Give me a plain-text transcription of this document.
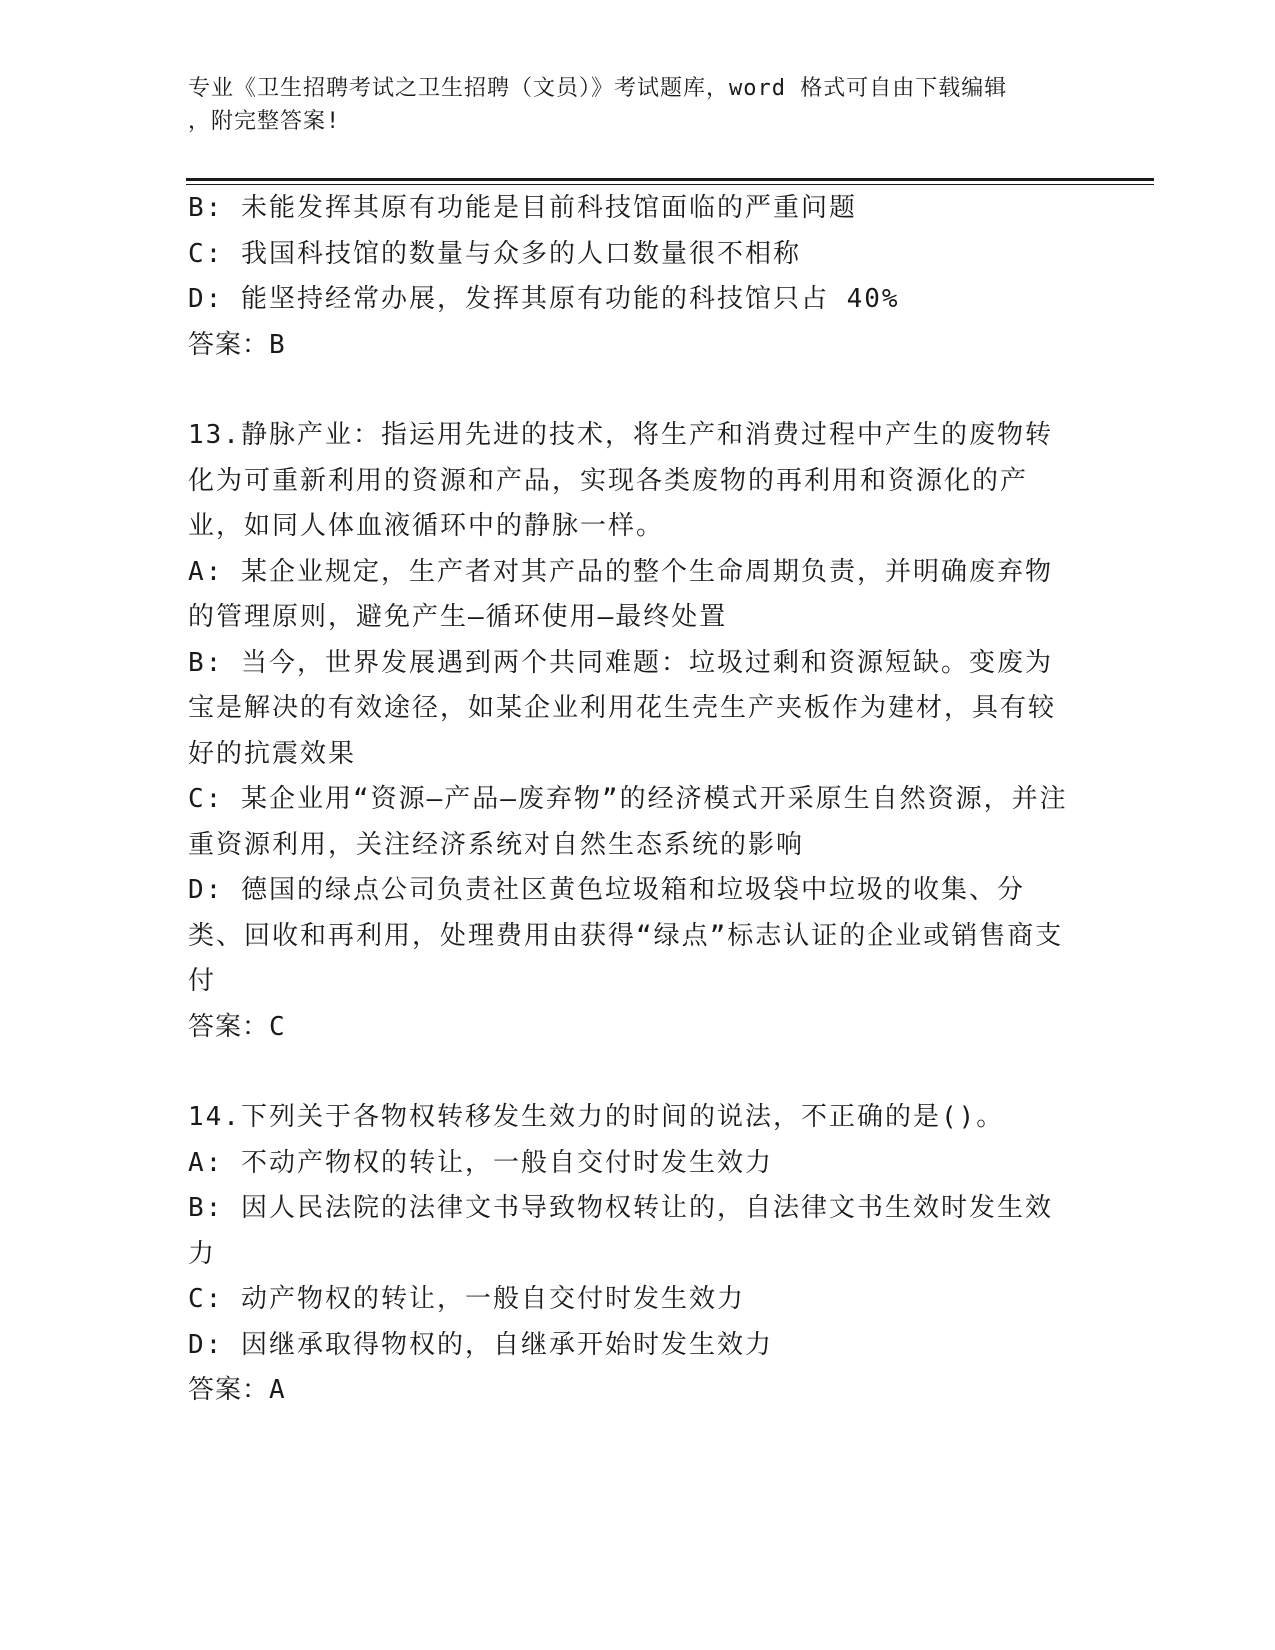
专业《卫生招聘考试之卫生招聘（文员）》考试题库，word 格式可自由下载编辑
，附完整答案!

B: 未能发挥其原有功能是目前科技馆面临的严重问题

C: 我国科技馆的数量与众多的人口数量很不相称

D: 能坚持经常办展，发挥其原有功能的科技馆只占 40%

答案：B

13.静脉产业：指运用先进的技术，将生产和消费过程中产生的废物转化为可重新利用的资源和产品，实现各类废物的再利用和资源化的产业，如同人体血液循环中的静脉一样。

A: 某企业规定，生产者对其产品的整个生命周期负责，并明确废弃物的管理原则，避免产生—循环使用—最终处置

B: 当今，世界发展遇到两个共同难题：垃圾过剩和资源短缺。变废为宝是解决的有效途径，如某企业利用花生壳生产夹板作为建材，具有较好的抗震效果

C: 某企业用“资源—产品—废弃物”的经济模式开采原生自然资源，并注重资源利用，关注经济系统对自然生态系统的影响

D: 德国的绿点公司负责社区黄色垃圾箱和垃圾袋中垃圾的收集、分类、回收和再利用，处理费用由获得“绿点”标志认证的企业或销售商支付

答案：C

14.下列关于各物权转移发生效力的时间的说法，不正确的是()。

A: 不动产物权的转让，一般自交付时发生效力

B: 因人民法院的法律文书导致物权转让的，自法律文书生效时发生效力

C: 动产物权的转让，一般自交付时发生效力

D: 因继承取得物权的，自继承开始时发生效力

答案：A
